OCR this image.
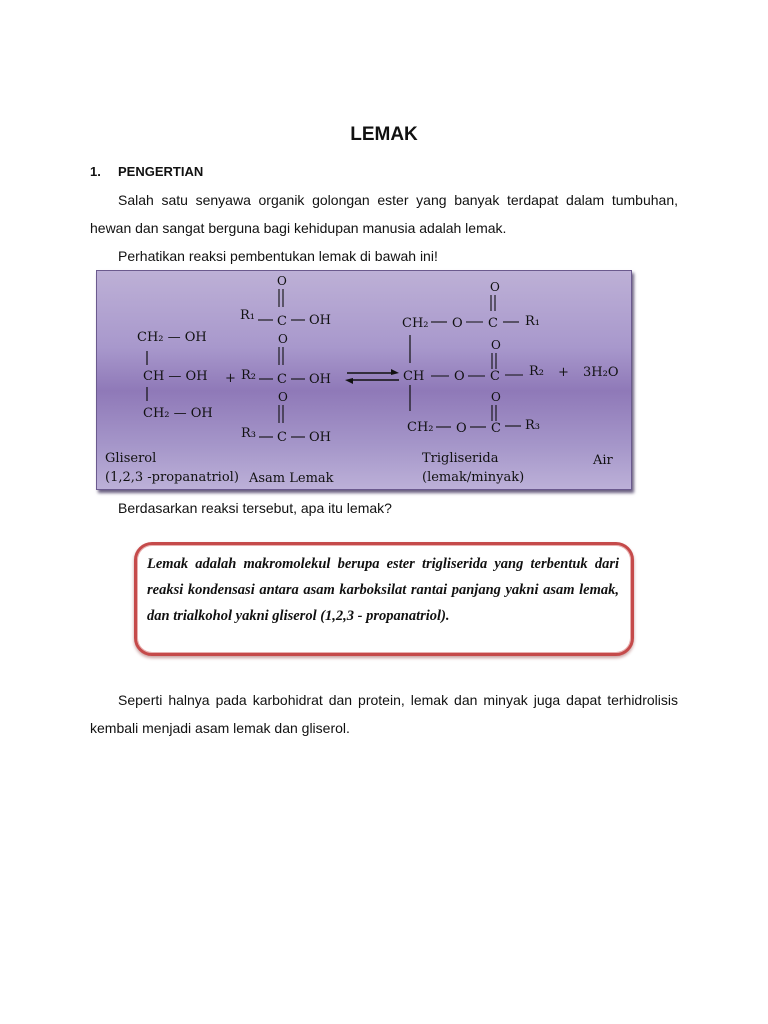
LEMAK
1. PENGERTIAN
Salah satu senyawa organik golongan ester yang banyak terdapat dalam tumbuhan, hewan dan sangat berguna bagi kehidupan manusia adalah lemak.
Perhatikan reaksi pembentukan lemak di bawah ini!
CH₂ — OH
CH — OH
CH₂ — OH
+
O
R₁ C OH
O
R₂ C OH
O
R₃ C OH
O
CH₂ O C R₁
O
CH O C R₂
O
CH₂ O C R₃
+ 3H₂O
Gliserol
(1,2,3 -propanatriol) Asam Lemak
Trigliserida
(lemak/minyak)
Air
Berdasarkan reaksi tersebut, apa itu lemak?
Lemak adalah makromolekul berupa ester trigliserida yang terbentuk dari reaksi kondensasi antara asam karboksilat rantai panjang yakni asam lemak, dan trialkohol yakni gliserol (1,2,3 - propanatriol).
Seperti halnya pada karbohidrat dan protein, lemak dan minyak juga dapat terhidrolisis kembali menjadi asam lemak dan gliserol.
